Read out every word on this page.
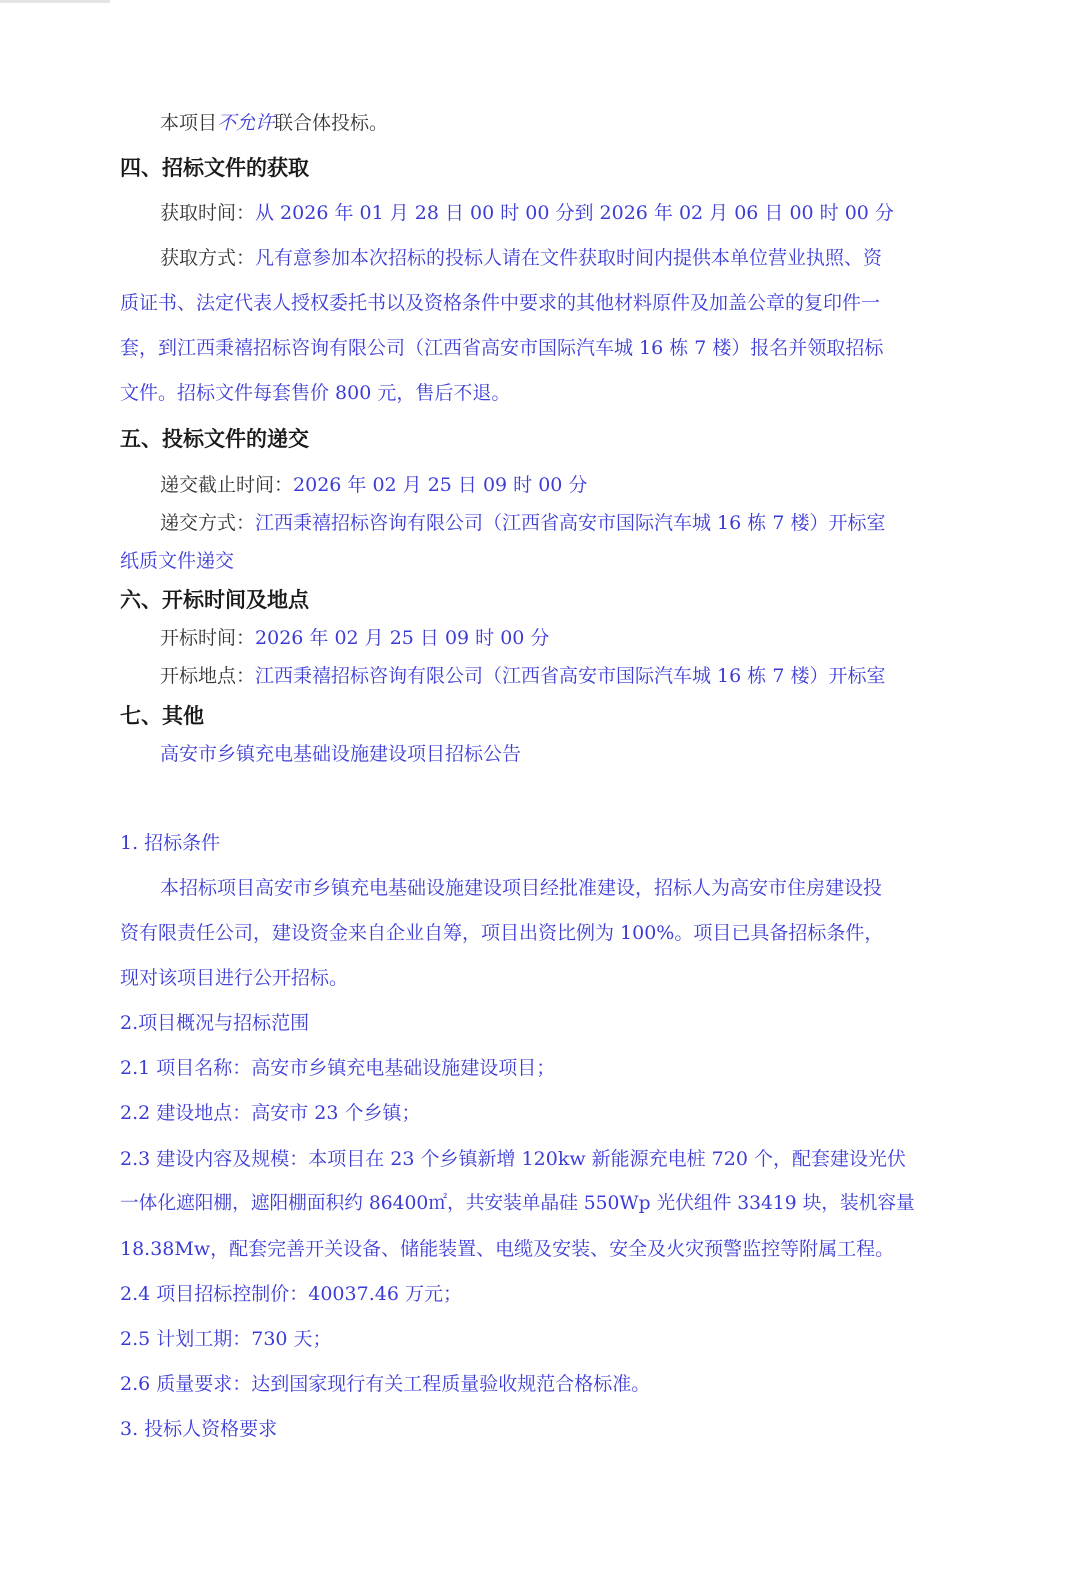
本项目不允许联合体投标。
四、招标文件的获取
获取时间：从 2026 年 01 月 28 日 00 时 00 分到 2026 年 02 月 06 日 00 时 00 分
获取方式：凡有意参加本次招标的投标人请在文件获取时间内提供本单位营业执照、资
质证书、法定代表人授权委托书以及资格条件中要求的其他材料原件及加盖公章的复印件一
套，到江西秉禧招标咨询有限公司（江西省高安市国际汽车城 16 栋 7 楼）报名并领取招标
文件。招标文件每套售价 800 元，售后不退。
五、投标文件的递交
递交截止时间：2026 年 02 月 25 日 09 时 00 分
递交方式：江西秉禧招标咨询有限公司（江西省高安市国际汽车城 16 栋 7 楼）开标室
纸质文件递交
六、开标时间及地点
开标时间：2026 年 02 月 25 日 09 时 00 分
开标地点：江西秉禧招标咨询有限公司（江西省高安市国际汽车城 16 栋 7 楼）开标室
七、其他
高安市乡镇充电基础设施建设项目招标公告
1. 招标条件
本招标项目高安市乡镇充电基础设施建设项目经批准建设，招标人为高安市住房建设投
资有限责任公司，建设资金来自企业自筹，项目出资比例为 100%。项目已具备招标条件，
现对该项目进行公开招标。
2.项目概况与招标范围
2.1 项目名称：高安市乡镇充电基础设施建设项目；
2.2 建设地点：高安市 23 个乡镇；
2.3 建设内容及规模：本项目在 23 个乡镇新增 120kw 新能源充电桩 720 个，配套建设光伏
一体化遮阳棚，遮阳棚面积约 86400㎡，共安装单晶硅 550Wp 光伏组件 33419 块，装机容量
18.38Mw，配套完善开关设备、储能装置、电缆及安装、安全及火灾预警监控等附属工程。
2.4 项目招标控制价：40037.46 万元；
2.5 计划工期：730 天；
2.6 质量要求：达到国家现行有关工程质量验收规范合格标准。
3. 投标人资格要求
